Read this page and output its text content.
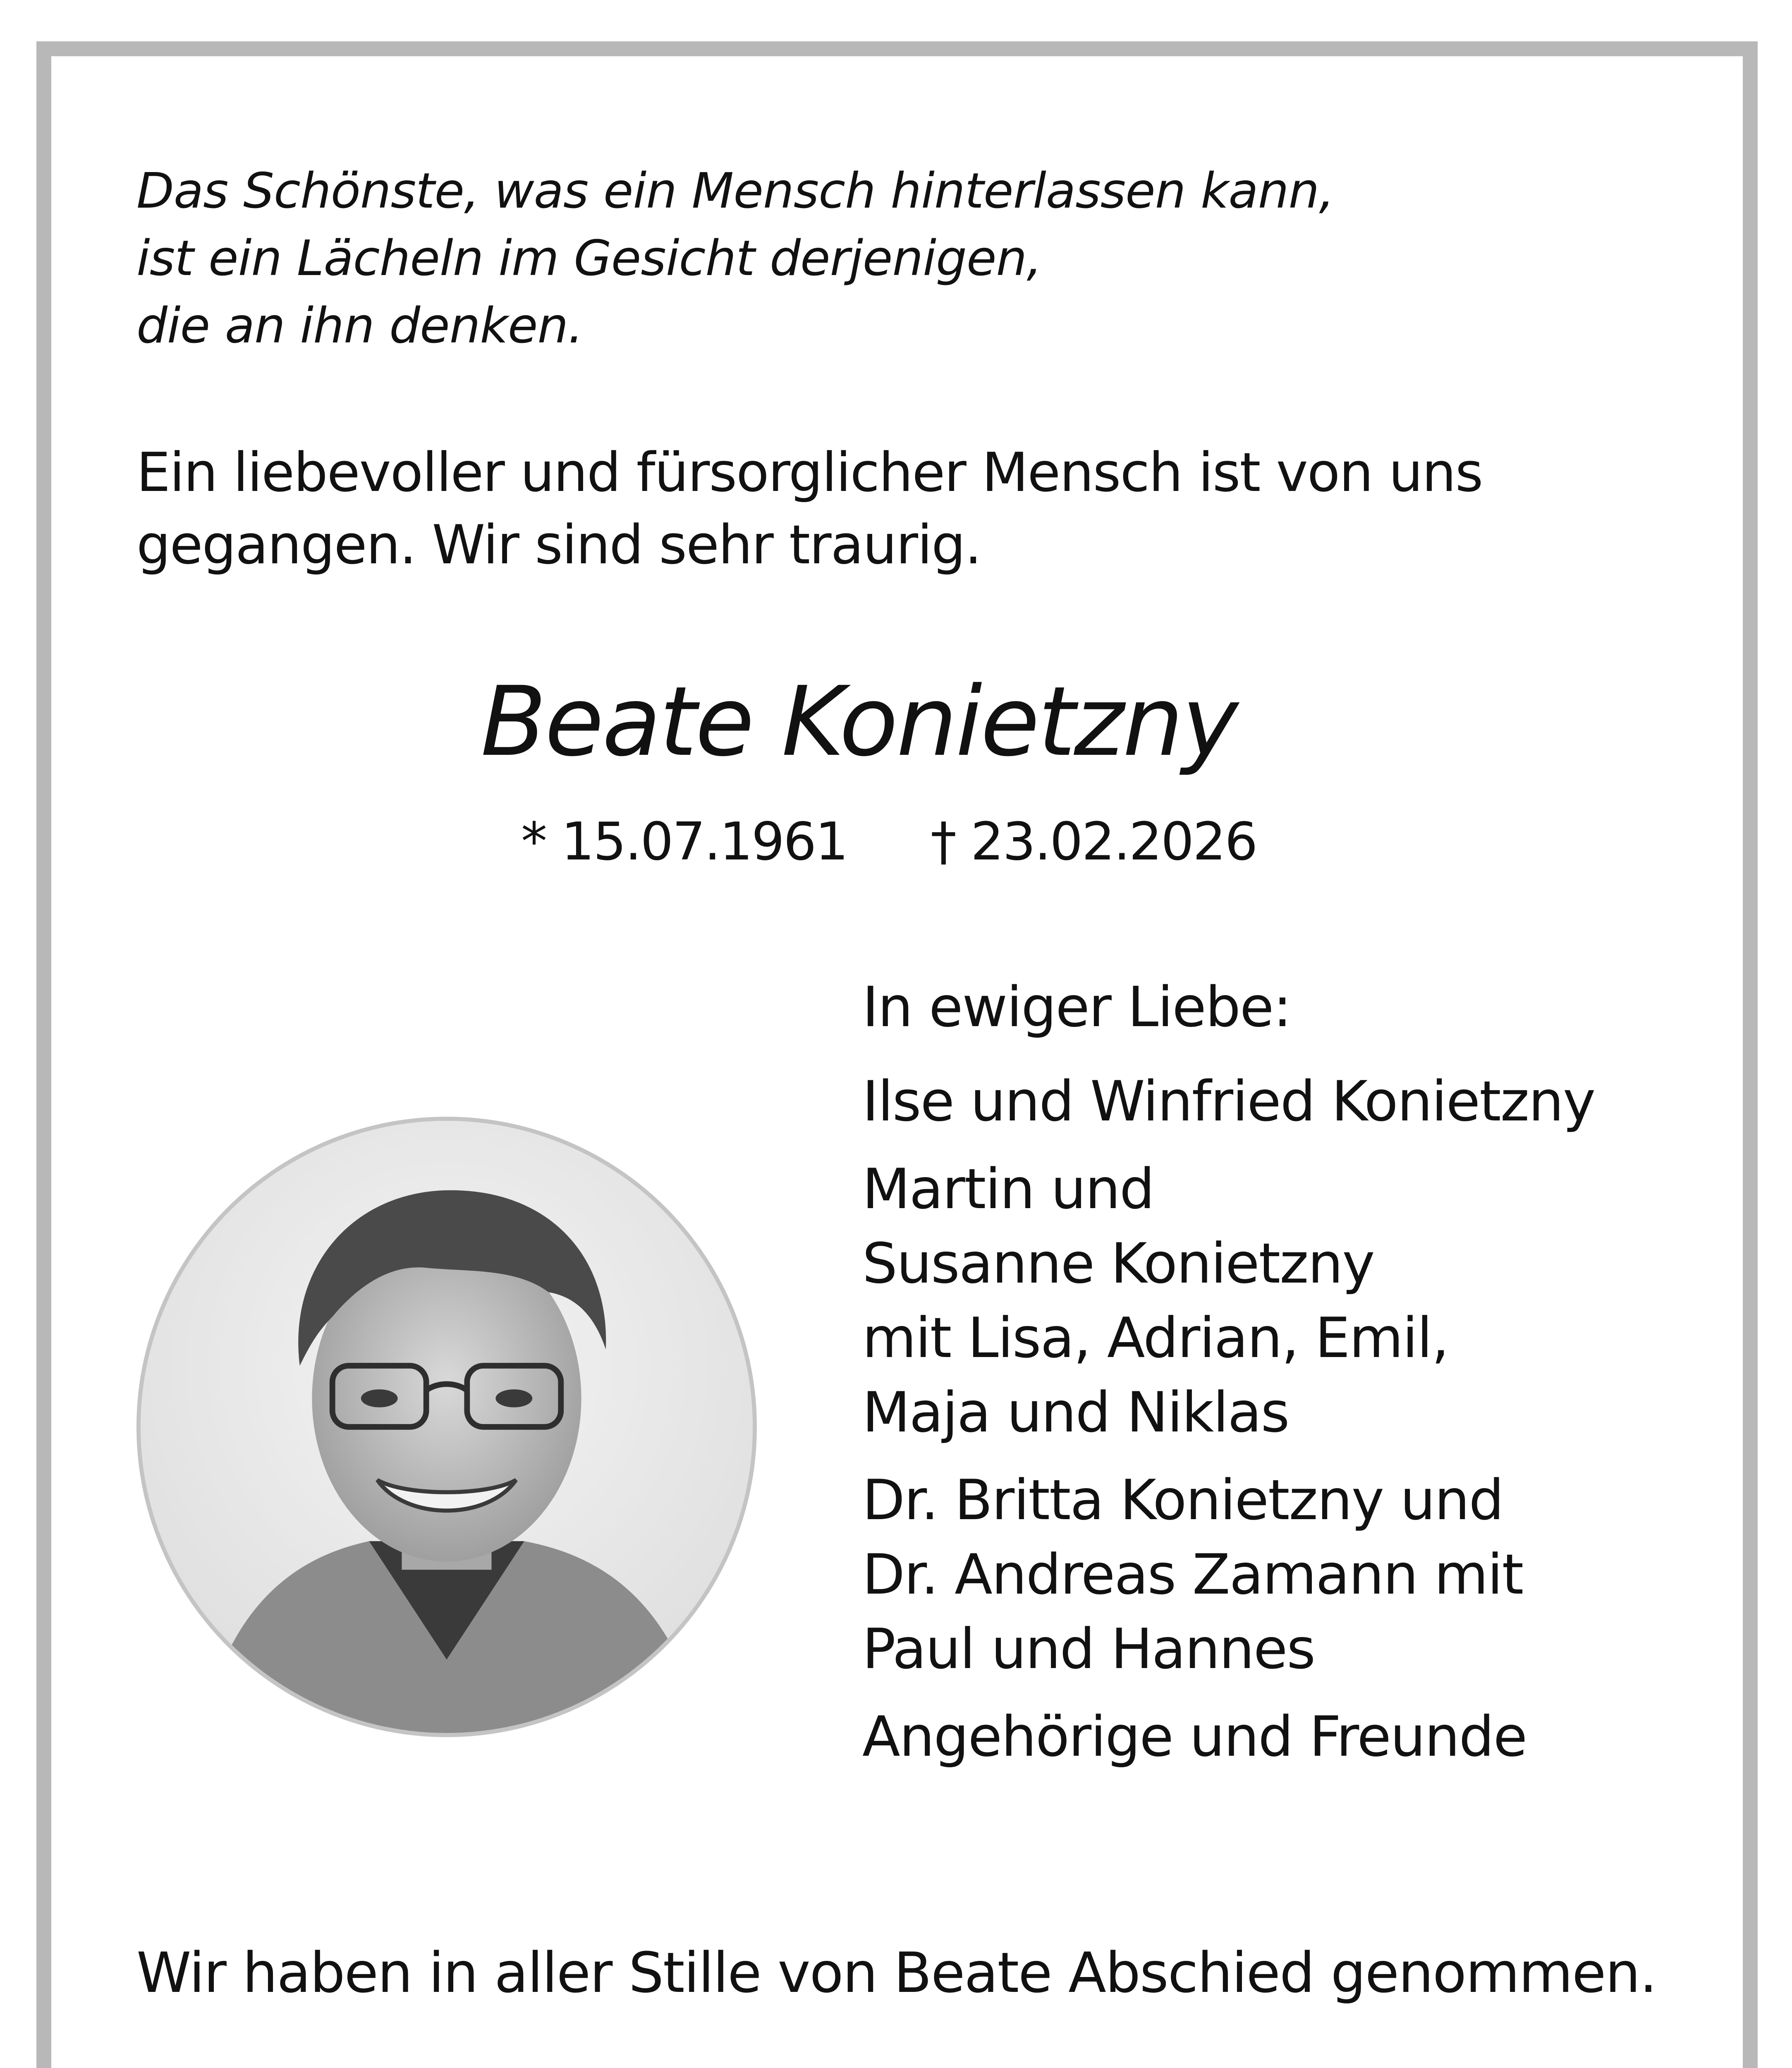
Das Schönste, was ein Mensch hinterlassen kann,
ist ein Lächeln im Gesicht derjenigen,
die an ihn denken.
Ein liebevoller und fürsorglicher Mensch ist von uns
gegangen. Wir sind sehr traurig.
Beate Konietzny
* 15.07.1961 † 23.02.2026
In ewiger Liebe:
Ilse und Winfried Konietzny
Martin und
Susanne Konietzny
mit Lisa, Adrian, Emil,
Maja und Niklas
Dr. Britta Konietzny und
Dr. Andreas Zamann mit
Paul und Hannes
Angehörige und Freunde
Wir haben in aller Stille von Beate Abschied genommen.
